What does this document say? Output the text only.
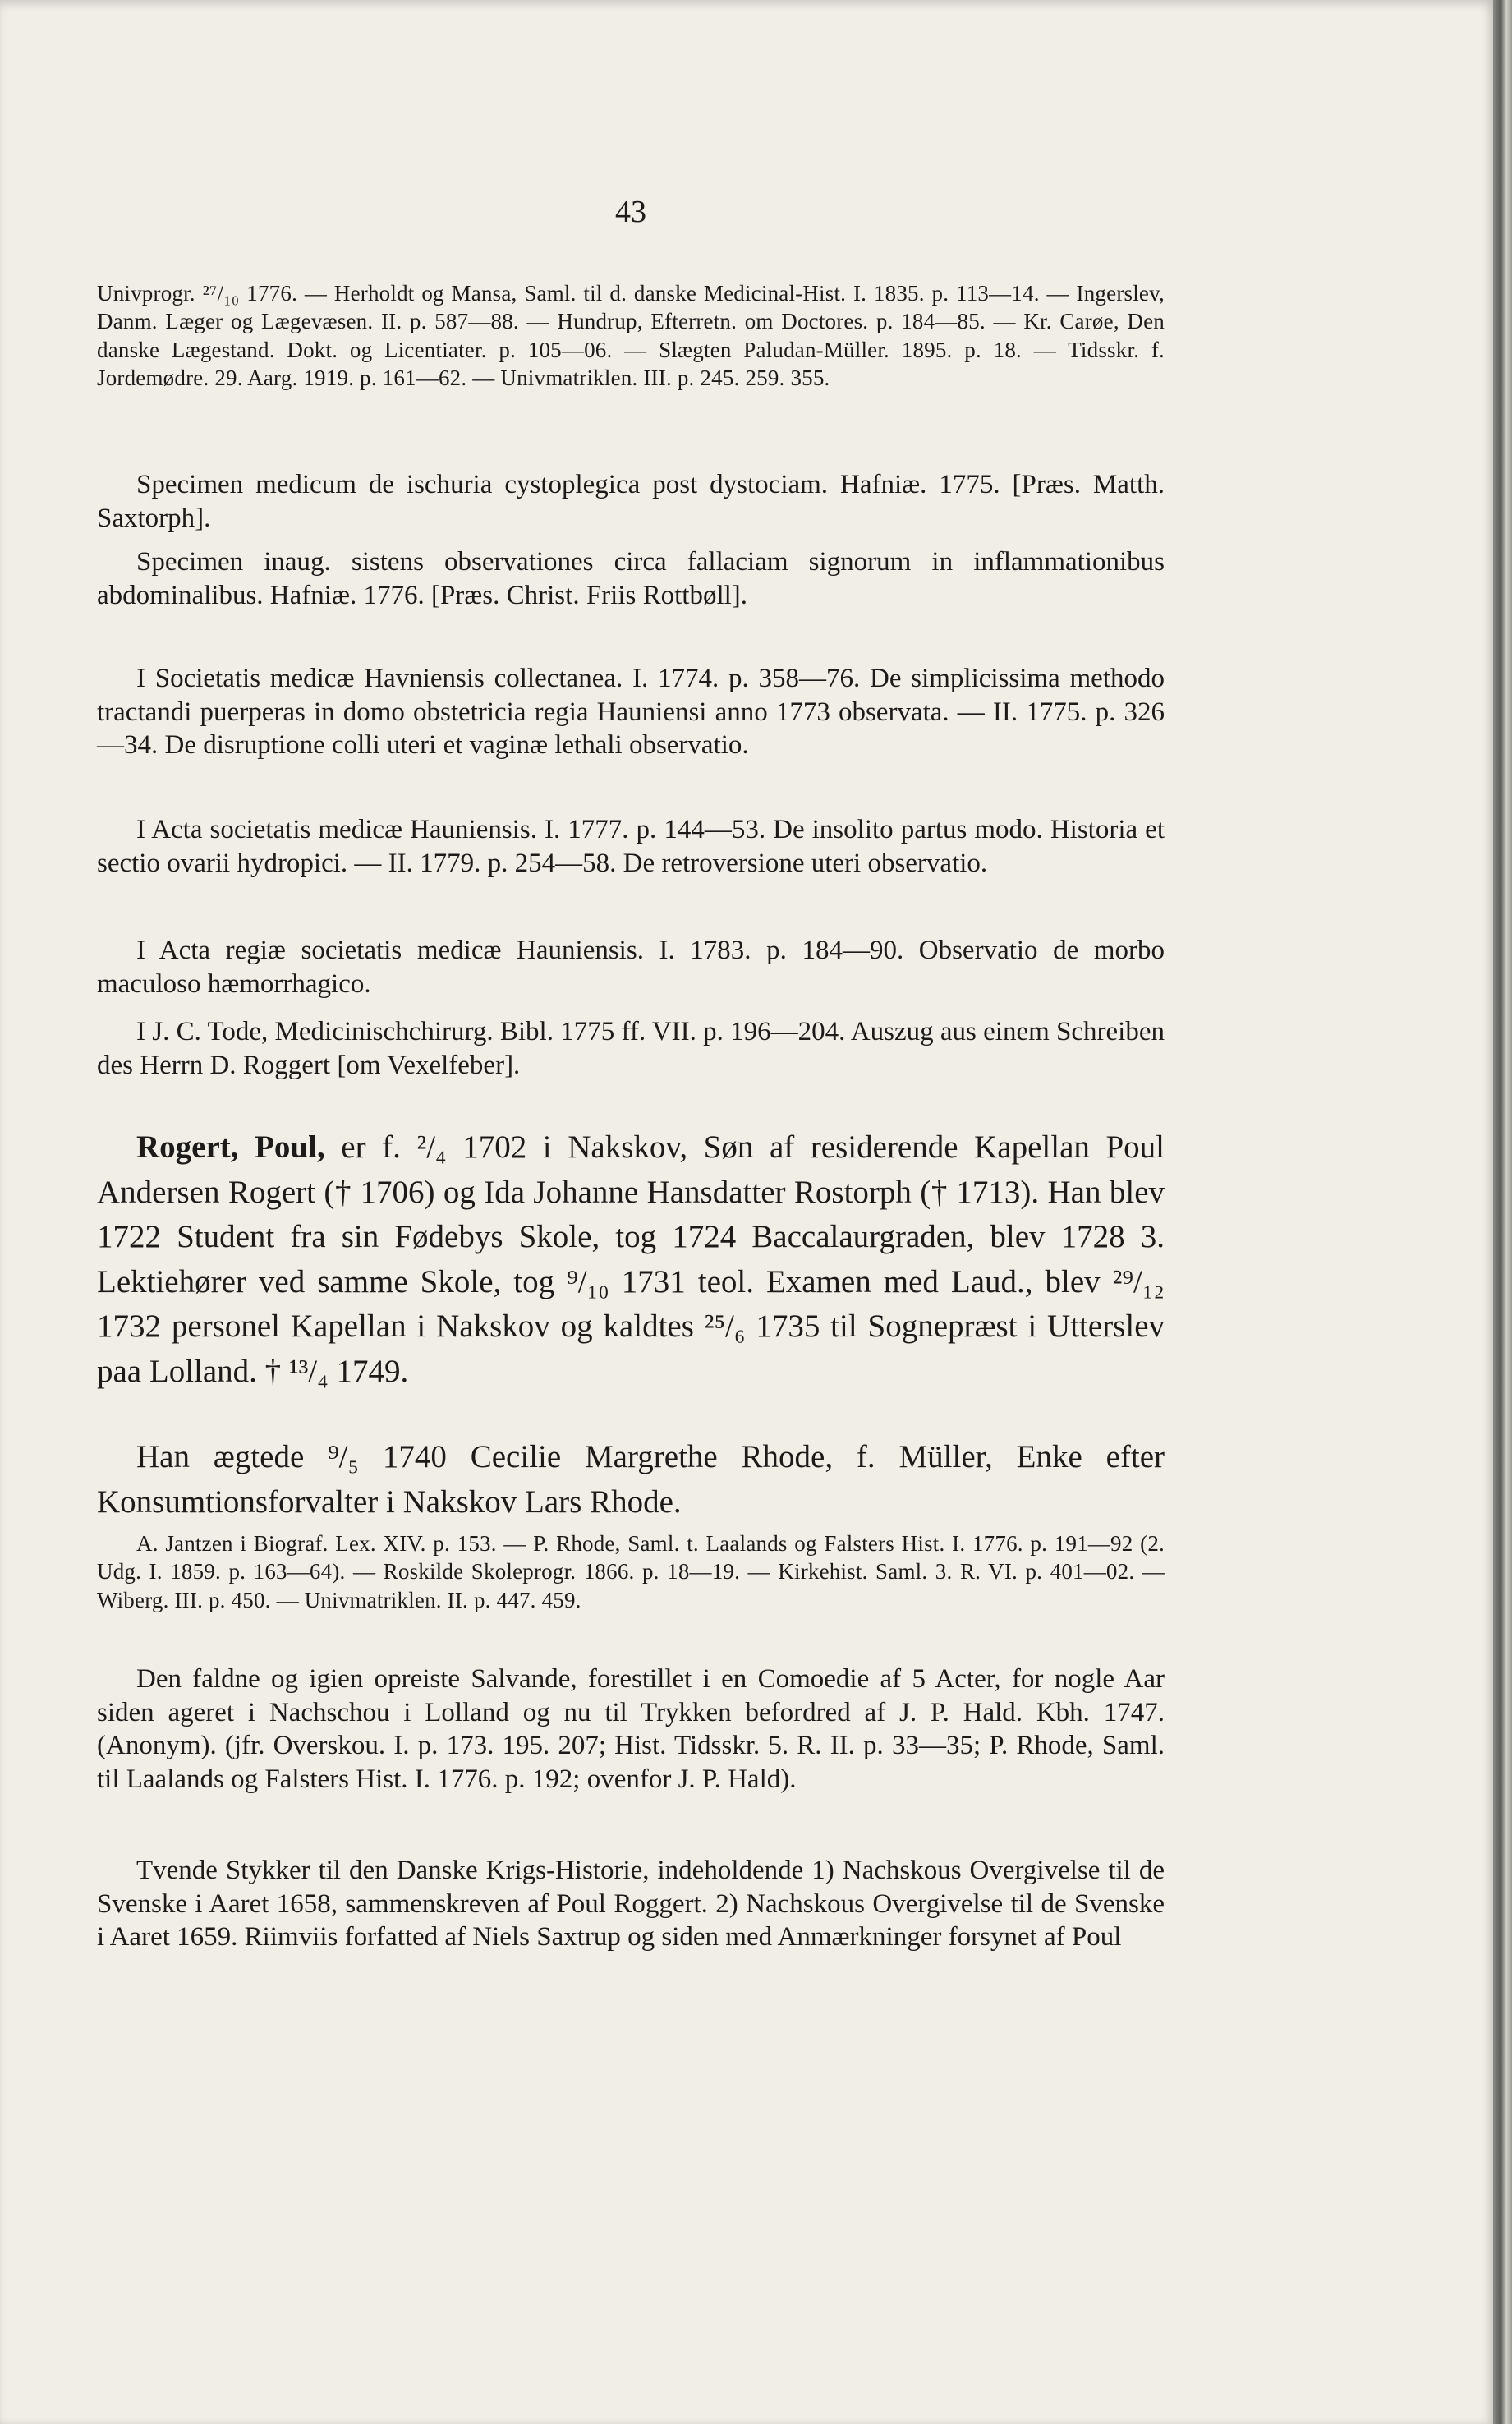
43

Univprogr. ²⁷/₁₀ 1776. — Herholdt og Mansa, Saml. til d. danske Medicinal-Hist. I. 1835. p. 113—14. — Ingerslev, Danm. Læger og Lægevæsen. II. p. 587—88. — Hundrup, Efterretn. om Doctores. p. 184—85. — Kr. Carøe, Den danske Lægestand. Dokt. og Licentiater. p. 105—06. — Slægten Paludan-Müller. 1895. p. 18. — Tidsskr. f. Jordemødre. 29. Aarg. 1919. p. 161—62. — Univmatriklen. III. p. 245. 259. 355.

Specimen medicum de ischuria cystoplegica post dystociam. Hafniæ. 1775. [Præs. Matth. Saxtorph].

Specimen inaug. sistens observationes circa fallaciam signorum in inflammationibus abdominalibus. Hafniæ. 1776. [Præs. Christ. Friis Rottbøll].

I Societatis medicæ Havniensis collectanea. I. 1774. p. 358—76. De simplicissima methodo tractandi puerperas in domo obstetricia regia Hauniensi anno 1773 observata. — II. 1775. p. 326—34. De disruptione colli uteri et vaginæ lethali observatio.

I Acta societatis medicæ Hauniensis. I. 1777. p. 144—53. De insolito partus modo. Historia et sectio ovarii hydropici. — II. 1779. p. 254—58. De retroversione uteri observatio.

I Acta regiæ societatis medicæ Hauniensis. I. 1783. p. 184—90. Observatio de morbo maculoso hæmorrhagico.

I J. C. Tode, Medicinischchirurg. Bibl. 1775 ff. VII. p. 196—204. Auszug aus einem Schreiben des Herrn D. Roggert [om Vexelfeber].

Rogert, Poul, er f. ²/₄ 1702 i Nakskov, Søn af residerende Kapellan Poul Andersen Rogert († 1706) og Ida Johanne Hansdatter Rostorph († 1713). Han blev 1722 Student fra sin Fødebys Skole, tog 1724 Baccalaurgraden, blev 1728 3. Lektiehører ved samme Skole, tog ⁹/₁₀ 1731 teol. Examen med Laud., blev ²⁹/₁₂ 1732 personel Kapellan i Nakskov og kaldtes ²⁵/₆ 1735 til Sognepræst i Utterslev paa Lolland. † ¹³/₄ 1749.

Han ægtede ⁹/₅ 1740 Cecilie Margrethe Rhode, f. Müller, Enke efter Konsumtionsforvalter i Nakskov Lars Rhode.

A. Jantzen i Biograf. Lex. XIV. p. 153. — P. Rhode, Saml. t. Laalands og Falsters Hist. I. 1776. p. 191—92 (2. Udg. I. 1859. p. 163—64). — Roskilde Skoleprogr. 1866. p. 18—19. — Kirkehist. Saml. 3. R. VI. p. 401—02. — Wiberg. III. p. 450. — Univmatriklen. II. p. 447. 459.

Den faldne og igien opreiste Salvande, forestillet i en Comoedie af 5 Acter, for nogle Aar siden ageret i Nachschou i Lolland og nu til Trykken befordred af J. P. Hald. Kbh. 1747. (Anonym). (jfr. Overskou. I. p. 173. 195. 207; Hist. Tidsskr. 5. R. II. p. 33—35; P. Rhode, Saml. til Laalands og Falsters Hist. I. 1776. p. 192; ovenfor J. P. Hald).

Tvende Stykker til den Danske Krigs-Historie, indeholdende 1) Nachskous Overgivelse til de Svenske i Aaret 1658, sammenskreven af Poul Roggert. 2) Nachskous Overgivelse til de Svenske i Aaret 1659. Riimviis forfatted af Niels Saxtrup og siden med Anmærkninger forsynet af Poul
